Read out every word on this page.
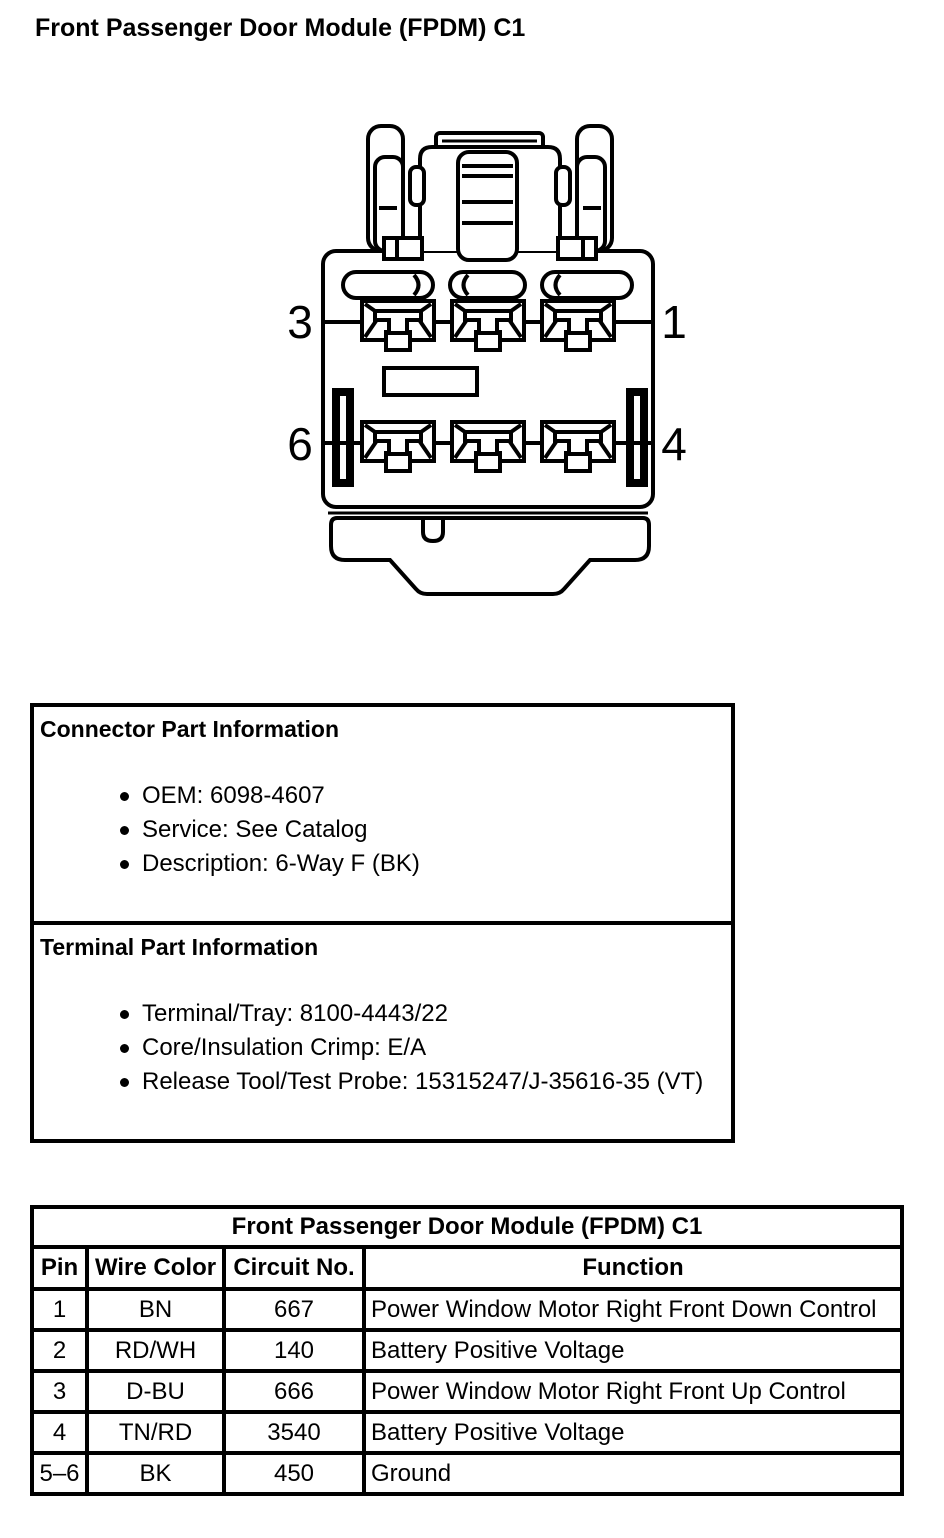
Front Passenger Door Module (FPDM) C1
3	1
6	4
Connector Part Information
OEM: 6098-4607
Service: See Catalog
Description: 6-Way F (BK)
Terminal Part Information
Terminal/Tray: 8100-4443/22
Core/Insulation Crimp: E/A
Release Tool/Test Probe: 15315247/J-35616-35 (VT)
Front Passenger Door Module (FPDM) C1			
Pin	Wire Color	Circuit No.	Function
1	BN	667	Power Window Motor Right Front Down Control
2	RD/WH	140	Battery Positive Voltage
3	D-BU	666	Power Window Motor Right Front Up Control
4	TN/RD	3540	Battery Positive Voltage
5–6	BK	450	Ground
